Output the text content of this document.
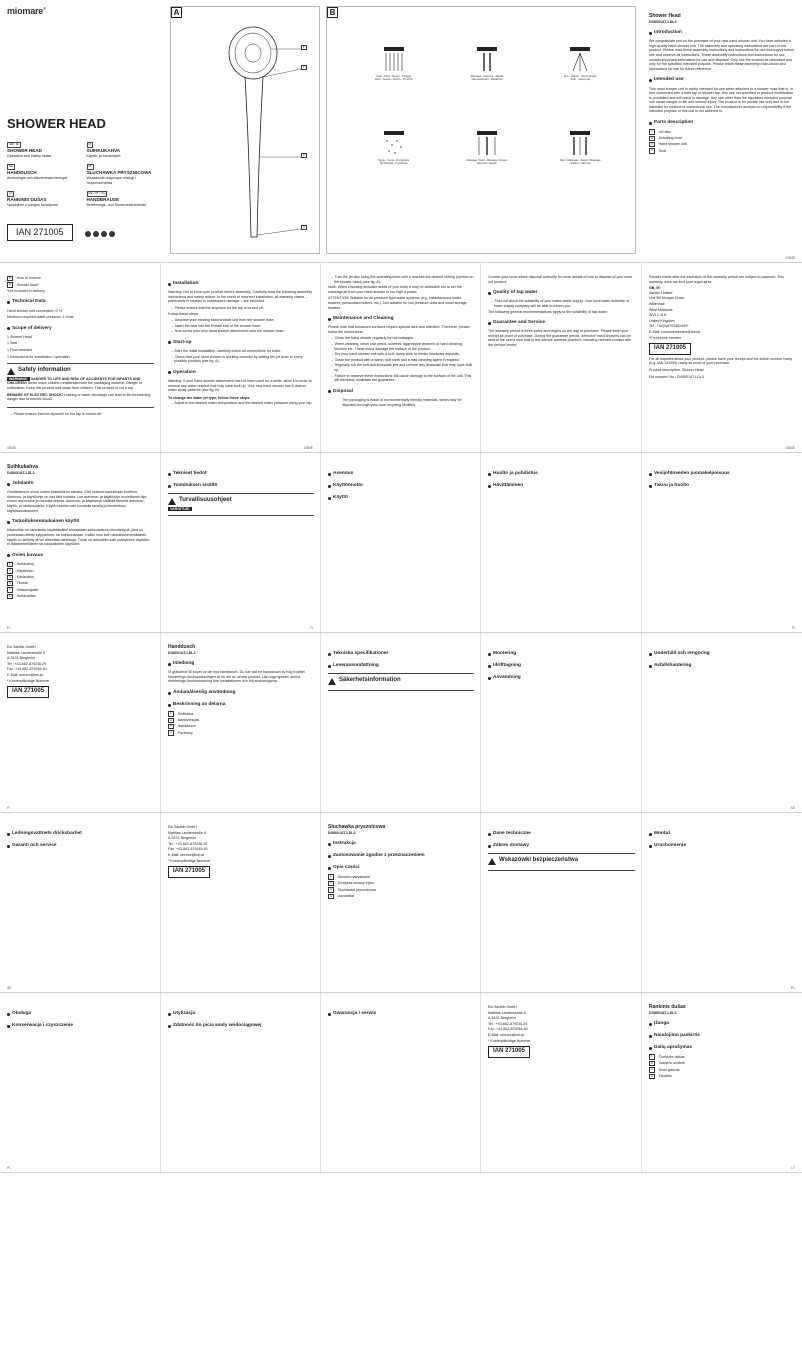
miomare®
SHOWER HEAD
GB / IE
SHOWER HEAD
Operation and Safety Notes
FI
SUIHKUKAHVA
Käyttö- ja turvaohjeet
SE
HANDDUSCH
Anvisningar och säkerhetsanvisningar
PL
SŁUCHAWKA PRYSZNICOWA
Wskazówki dotyczące obsługi i bezpieczeństwa
LT
RANKINIS DUŠAS
Naudojimo ir saugos nurodymai
DE / AT / CH
HANDBRAUSE
Bedienungs- und Sicherheitshinweise
IAN 271005
A
1
2
3
4
B
Rain - Pluie - Regen - Pioggia
Dusz - Suihku - Dusch - Prysznic
Massage - Hieronta - Masaż
Massagestrahl - Masažinis
Eco - Säästö - Oszczędność
Spar - Taupymas
Spray - Sumu - Rozpylanie
Sprühstrahl - Purškimas
Massage / Rain - Massage / Regen
Hieronta / Suihku
Rain / Massage - Regen / Massage
Suihku / Hieronta
Shower Head
DX8001AT-LDL3
Introduction
We congratulate you on the purchase of your new hand shower unit. You have selected a high-quality hand shower unit. The assembly and operating instructions are part of this product. Please read these assembly instructions and instructions for use thoroughly before use and observe all instructions. These assembly instructions and instructions for use contain important information for use and disposal. Only use the product as described and only for the specified intended purpose. Please retain these assembly instructions and instructions for use for future reference.
Intended use
This hand shower unit is solely intended for use when attached to a shower hose that is, in turn connected with a bath tap or shower tap. Any use not specified or product modification is prohibited and will result in damage. Any use other than the stipulated intended purpose can cause danger to life and serious injury. The product is for private use only and is not intended for medical or commercial use. The manufacturer accepts no responsibility if the intended purpose of this unit is not adhered to.
Parts description
1	Jet disc
2	Actuating lever
3	Hand shower unit
4	Seal
GB/IE
5	How to remove
6	Shower hose*
*not included in delivery
Technical Data
Hand shower unit connection: G ½"
Minimum required water pressure: 1.5 bar
Scope of delivery
1 Shower Head
1 Seal
1 Flow restrictor
1 Instructions for installation / operation
Safety information
WARNING! DANGER TO LIFE AND RISK OF ACCIDENTS FOR INFANTS AND CHILDREN! Never leave children unattended with the packaging material. Danger of suffocation. Keep this product well away from children. This product is not a toy.
BEWARE OF ELECTRIC SHOCK! Leaking or water discharge can lead to life-threatening danger due to electric shock.
→ Please ensure that the dipsoule for the tap is turned off.
GB/IE
Installation
Warning: Get to know your product before assembly. Carefully read the following assembly instructions and safety advice. In the event of incorrect installation, all warranty claims – particularly in relation to subsequent damage – are excluded.
→ Please ensure that the stopcock for the tap is turned off.
Follow these steps:
→ Unscrew your existing hand shower unit from the shower hose.
→ Insert the seal into the female end of the shower hose.
→ Now screw your new hand shower attachment onto the shower hose.
Start-up
→ After the initial installation, carefully check all connections for leaks.
→ Check that your hand shower is working correctly by setting the jet lever to every possible position (see fig. A).
Operation
Warning: If your hand shower attachment has not been used for a while, allow it in order to remove any water residue that may have built up. Your new hand shower has 6 distinct water spray patterns (see fig. B).
To change the water jet type, follow these steps:
→ Adjust to the desired water temperature and the desired water pressure using your tap.
GB/IE
→ Turn the jet disc using the operating lever until it reaches the desired setting (symbol on the shower head) (see fig. A).
Note: When choosing sensitive areas of your body it may be advisable not to set the massage jet from your hand shower to too high a power.
ATTENTION! Suitable for all pressure tight water systems (e.g. instantaneous water heaters, pressurised boilers, etc.). Not suitable for low pressure units and small storage heaters.
Maintenance and Cleaning
Please note that enhanced surfaces require special care and attention. Therefore, please follow the instructions:
→ Clean the hand shower regularly for hot leakages.
→ When cleaning, never use petrol, solvents, aggressive cleaners or hard cleaning brushes etc. These could damage the surface of the product.
→ Dry your hand shower unit with a soft, damp cloth to hinder limescale deposits.
→ Clean the product with a damp, soft cloth and a mild cleaning agent if required.
→ Regularly rub the soft anti-limescale jets and remove any limescale that may have built up.
→ Failure to observe these instructions will cause damage to the surface of the unit. This will inevitably invalidate the guarantee.
Disposal
The packaging is made of environmentally friendly materials, which may be disposed through your local recycling facilities.
Contact your local refuse disposal authority for more details of how to dispose of your worn out product.
Quality of tap water
→ Find out about the suitability of your mains water supply. Your local water authority or water supply company will be able to inform you.
The following general recommendations apply to the suitability of tap water:
Guarantee and Service
The warranty period is three years and begins on the day of purchase. Please keep your receipt as proof of purchase. During the guarantee period, defective hand showers can be sent at the user's own cost to the service address provided, following relevant contact with the service centre.
Repairs made after the expiration of the warranty period are subject to payment. This warranty does not limit your legal rights.
GB, IE:
Sanitiv Limited
Unit 5B Morgan Close
Willenhall
West Midlands
WV12 4LH
United Kingdom
Tel.: +44(0)8702462429*
E-Mail: customerservice@lidl.uk
*Freephone number
IAN 271005
For all inquiries about your product, please have your receipt and the article number ready (e.g. IAN 123455) ready as proof of your purchase.
Product description: Shower Head
Eid number/ No.: DX8001AT-LDL3
GB/IE
Suihkukahva
DX8001AT-LDL3
Johdanto
Onnittelemme sinua uuden käsisuihkun ostosta. Olet ostanut laadukkaan tuotteen. Asennus- ja käyttöohje on osa tätä tuotetta. Lue asennus- ja käyttöohje huolellisesti läpi ennen asennusta ja noudata ohjeita. Asennus- ja käyttöohje sisältää tärkeitä asennus-, käyttö- ja hävitysohjeita. Käytä tuotetta vain kuvatulla tavalla ja ilmoitettuun käyttötarkoitukseen.
Tarkoituksenmukainen käyttö
Käsisuihku on tarkoitettu käytettäväksi ainoastaan suihkuletkuun kiinnitettynä, joka on puolestaan liitetty kylpyamme- tai suihkuhanaan. Kaikki muu kuin tarkoituksenmukainen käyttö on kielletty ja voi aiheuttaa vahinkoja. Tuote on tarkoitettu vain yksityiseen käyttöön, ei lääketieteelliseen tai kaupalliseen käyttöön.
Osien kuvaus
1	Suihkulevy
2	Käyttövipu
3	Käsisuihku
4	Tiiviste
5	Virtausrajoitin
6	Suihkuletku*
FI
Tekniset tiedot
Toimituksen sisältö
Turvallisuusohjeet
VAROITUS!
FI
Asennus
Käyttöönotto
Käyttö
Huolto ja puhdistus
Hävittäminen
Vesijohtoveden juomakelpoisuus
Takuu ja huolto
FI
Esl Sanitär GmbH
Mathias Landerstraße 8
A-5101 Bergheim
Tel.: +43-662-879246-29
Fax: +43-662-879246-50
E-Mail: service@esl.at
* Kostenpflichtige Nummer
IAN 271005
FI
Handdusch
DX8001AT-LDL3
Inledning
Vi gratulerar till köpet av din nya handdusch. Du har valt en handdusch av hög kvalitet. Monterings-/bruksanvisningen är en del av denna produkt. Läs noga igenom denna monterings-/bruksanvisning före installationen och följ anvisningarna.
Ändamålsenlig användning
Beskrivning av delarna
1	Strålskiva
2	Manöverspak
3	Handdusch
4	Packning
Tekniska specifikationer
Leveransomfattning
Säkerhetsinformation
Montering
Idrifttagning
Användning
Underhåll och rengöring
Avfallshantering
SE
Ledningsvattnets dricksbarhet
Garanti och service
SE
Esl Sanitär GmbH
Mathias Landerstraße 8
A-5101 Bergheim
Tel.: +43-662-879246-29
Fax: +43-662-879246-50
E-Mail: service@esl.at
* Kostenpflichtige Nummer
IAN 271005
Słuchawka prysznicowa
DX8001AT-LDL3
Instrukcja
Zastosowanie zgodne z przeznaczeniem
Opis części
1	Głowica natryskowa
2	Dźwignia zmiany trybu
3	Słuchawka prysznicowa
4	Uszczelka
Dane techniczne
Zakres dostawy
Wskazówki bezpieczeństwa
Montaż
Uruchomienie
PL
Obsługa
Konserwacja i czyszczenie
PL
Utylizacja
Zdatność do picia wody wodociągowej
Gwarancja i serwis
Esl Sanitär GmbH
Mathias Landerstraße 8
A-5101 Bergheim
Tel.: +43-662-879246-29
Fax: +43-662-879246-50
E-Mail: service@esl.at
* Kostenpflichtige Nummer
IAN 271005
Rankinis dušas
DX8001AT-LDL3
Įžanga
Naudojimo paskirtis
Dalių aprašymas
1	Čiurkšlės diskas
2	Valdymo svirtelė
3	Dušo galvutė
4	Tarpiklis
LT
